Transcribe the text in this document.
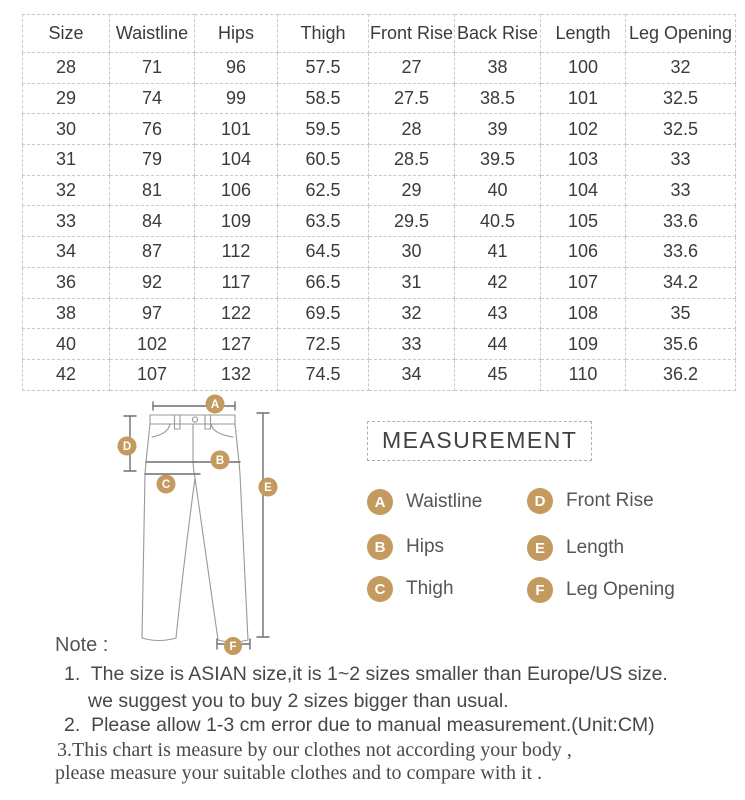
Size	Waistline	Hips	Thigh	Front Rise	Back Rise	Length	Leg Opening
28	71	96	57.5	27	38	100	32
29	74	99	58.5	27.5	38.5	101	32.5
30	76	101	59.5	28	39	102	32.5
31	79	104	60.5	28.5	39.5	103	33
32	81	106	62.5	29	40	104	33
33	84	109	63.5	29.5	40.5	105	33.6
34	87	112	64.5	30	41	106	33.6
36	92	117	66.5	31	42	107	34.2
38	97	122	69.5	32	43	108	35
40	102	127	72.5	33	44	109	35.6
42	107	132	74.5	34	45	110	36.2
A
B
C
D
E
F
MEASUREMENT
A	Waistline
B	Hips
C	Thigh
D	Front Rise
E	Length
F	Leg Opening
Note :
1.  The size is ASIAN size,it is 1~2 sizes smaller than Europe/US size.
we suggest you to buy 2 sizes bigger than usual.
2.  Please allow 1-3 cm error due to manual measurement.(Unit:CM)
3.This chart is measure by our clothes not according your body ,
please measure your suitable clothes and to compare with it .
